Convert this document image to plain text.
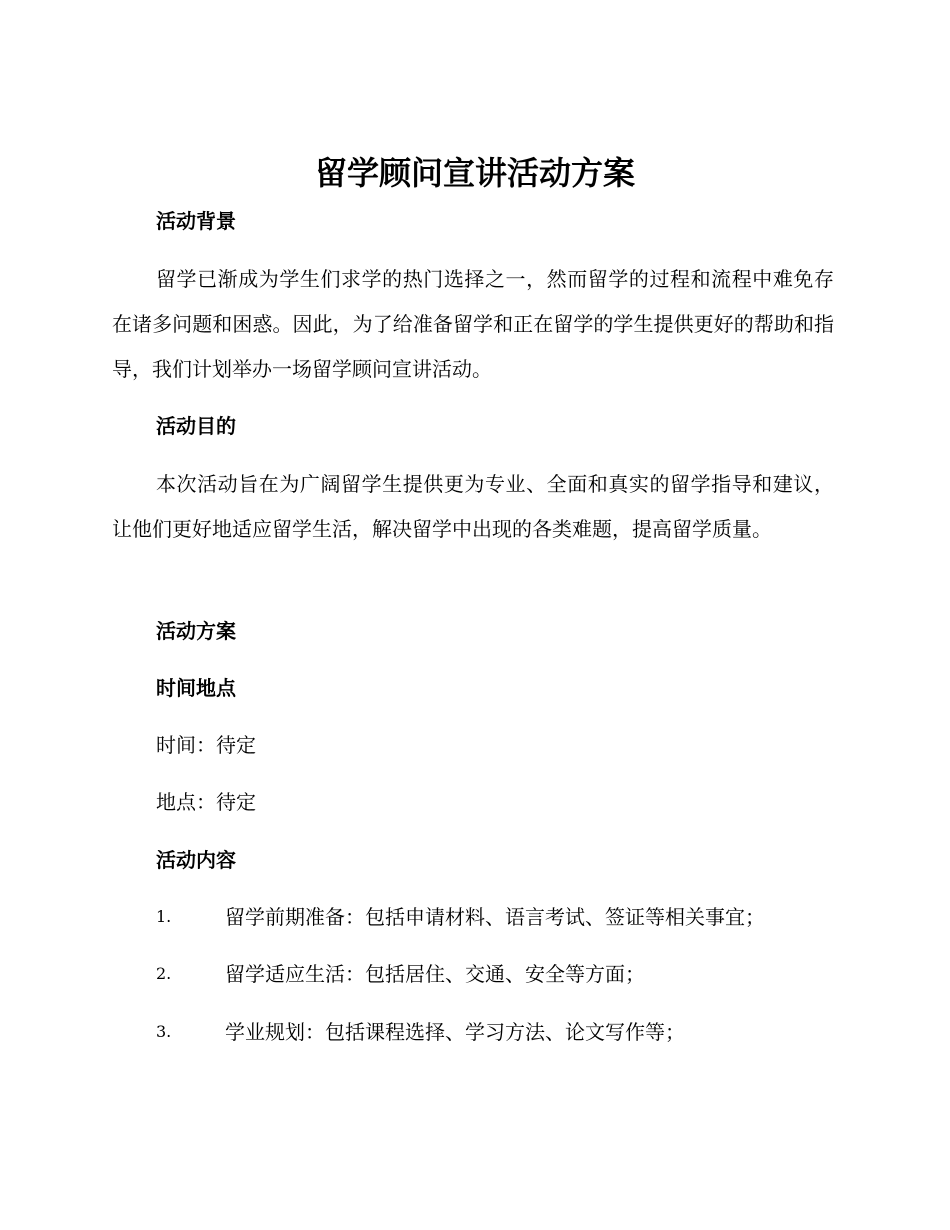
留学顾问宣讲活动方案
活动背景
留学已渐成为学生们求学的热门选择之一，然而留学的过程和流程中难免存在诸多问题和困惑。因此，为了给准备留学和正在留学的学生提供更好的帮助和指导，我们计划举办一场留学顾问宣讲活动。
活动目的
本次活动旨在为广阔留学生提供更为专业、全面和真实的留学指导和建议，让他们更好地适应留学生活，解决留学中出现的各类难题，提高留学质量。
活动方案
时间地点
时间：待定
地点：待定
活动内容
1.	留学前期准备：包括申请材料、语言考试、签证等相关事宜；
2.	留学适应生活：包括居住、交通、安全等方面；
3.	学业规划：包括课程选择、学习方法、论文写作等；
